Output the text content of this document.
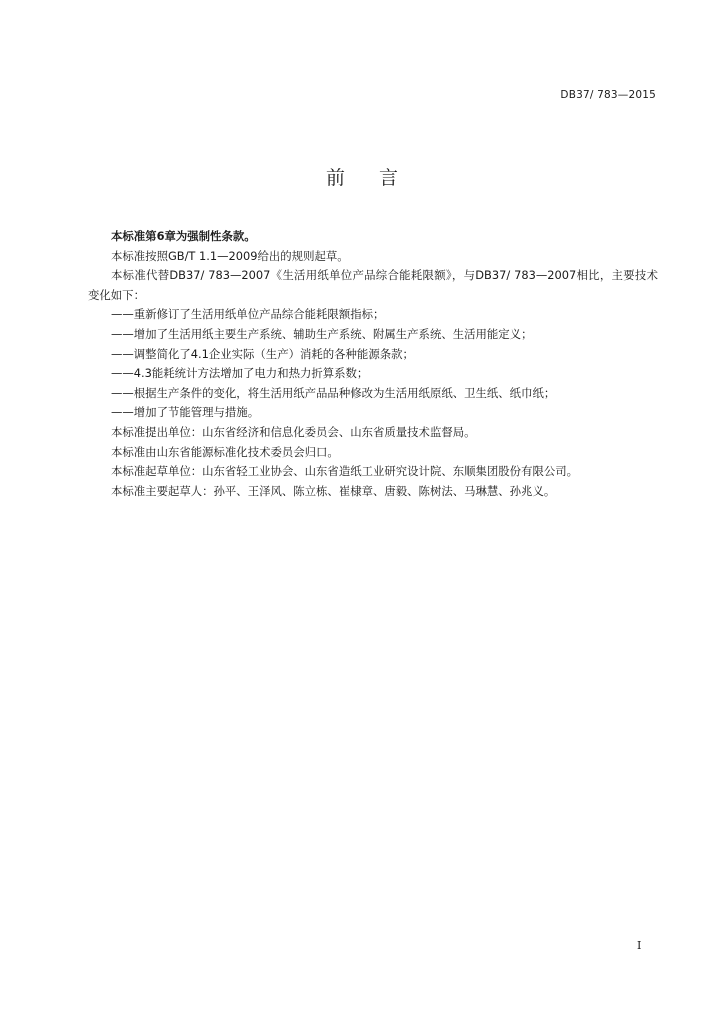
DB37/ 783—2015
前 言
本标准第6章为强制性条款。
本标准按照GB/T 1.1—2009给出的规则起草。
本标准代替DB37/ 783—2007《生活用纸单位产品综合能耗限额》，与DB37/ 783—2007相比，主要技术变化如下：
——重新修订了生活用纸单位产品综合能耗限额指标；
——增加了生活用纸主要生产系统、辅助生产系统、附属生产系统、生活用能定义；
——调整简化了4.1企业实际（生产）消耗的各种能源条款；
——4.3能耗统计方法增加了电力和热力折算系数；
——根据生产条件的变化，将生活用纸产品品种修改为生活用纸原纸、卫生纸、纸巾纸；
——增加了节能管理与措施。
本标准提出单位：山东省经济和信息化委员会、山东省质量技术监督局。
本标准由山东省能源标准化技术委员会归口。
本标准起草单位：山东省轻工业协会、山东省造纸工业研究设计院、东顺集团股份有限公司。
本标准主要起草人：孙平、王泽风、陈立栋、崔棣章、唐毅、陈树法、马琳慧、孙兆义。
I
